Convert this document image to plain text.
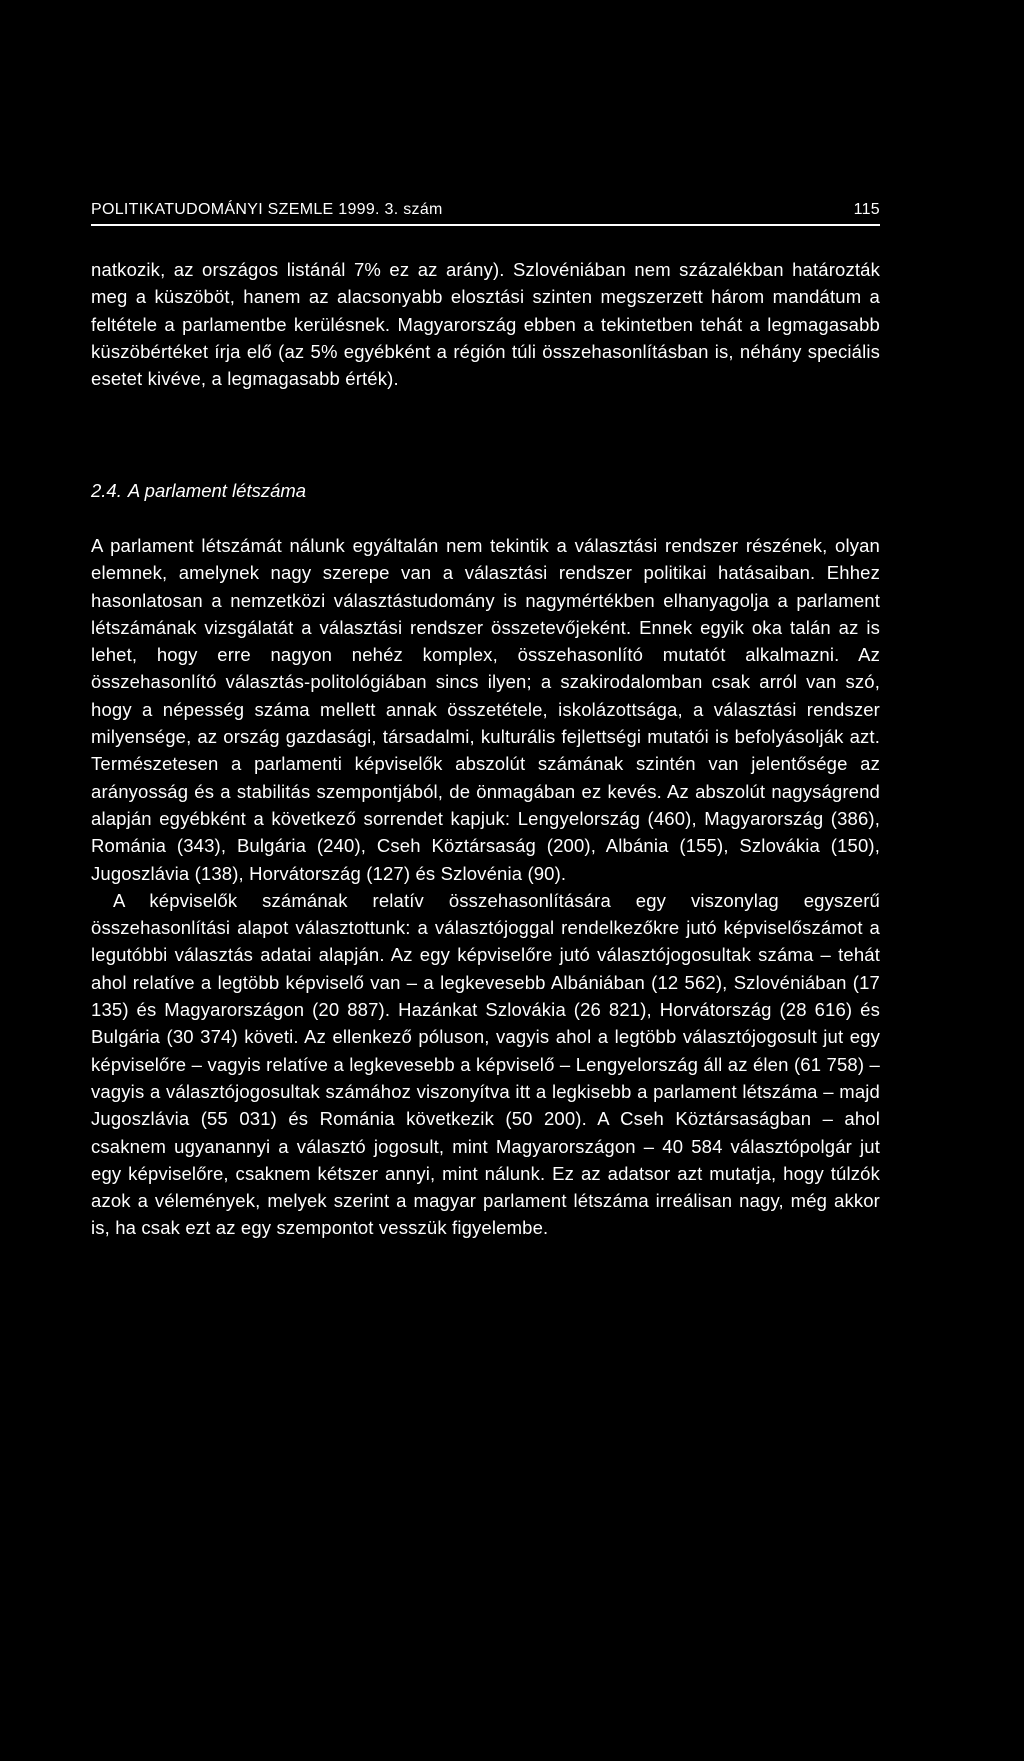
POLITIKATUDOMÁNYI SZEMLE 1999. 3. szám	115

natkozik, az országos listánál 7% ez az arány). Szlovéniában nem százalékban határozták meg a küszöböt, hanem az alacsonyabb elosztási szinten megszerzett három mandátum a feltétele a parlamentbe kerülésnek. Magyarország ebben a tekintetben tehát a legmagasabb küszöbértéket írja elő (az 5% egyébként a régión túli összehasonlításban is, néhány speciális esetet kivéve, a legmagasabb érték).

2.4. A parlament létszáma

A parlament létszámát nálunk egyáltalán nem tekintik a választási rendszer részének, olyan elemnek, amelynek nagy szerepe van a választási rendszer politikai hatásaiban. Ehhez hasonlatosan a nemzetközi választástudomány is nagymértékben elhanyagolja a parlament létszámának vizsgálatát a választási rendszer összetevőjeként. Ennek egyik oka talán az is lehet, hogy erre nagyon nehéz komplex, összehasonlító mutatót alkalmazni. Az összehasonlító választás-politológiában sincs ilyen; a szakirodalomban csak arról van szó, hogy a népesség száma mellett annak összetétele, iskolázottsága, a választási rendszer milyensége, az ország gazdasági, társadalmi, kulturális fejlettségi mutatói is befolyásolják azt. Természetesen a parlamenti képviselők abszolút számának szintén van jelentősége az arányosság és a stabilitás szempontjából, de önmagában ez kevés. Az abszolút nagyságrend alapján egyébként a következő sorrendet kapjuk: Lengyelország (460), Magyarország (386), Románia (343), Bulgária (240), Cseh Köztársaság (200), Albánia (155), Szlovákia (150), Jugoszlávia (138), Horvátország (127) és Szlovénia (90).

A képviselők számának relatív összehasonlítására egy viszonylag egyszerű összehasonlítási alapot választottunk: a választójoggal rendelkezőkre jutó képviselőszámot a legutóbbi választás adatai alapján. Az egy képviselőre jutó választójogosultak száma – tehát ahol relatíve a legtöbb képviselő van – a legkevesebb Albániában (12 562), Szlovéniában (17 135) és Magyarországon (20 887). Hazánkat Szlovákia (26 821), Horvátország (28 616) és Bulgária (30 374) követi. Az ellenkező póluson, vagyis ahol a legtöbb választójogosult jut egy képviselőre – vagyis relatíve a legkevesebb a képviselő – Lengyelország áll az élen (61 758) – vagyis a választójogosultak számához viszonyítva itt a legkisebb a parlament létszáma – majd Jugoszlávia (55 031) és Románia következik (50 200). A Cseh Köztársaságban – ahol csaknem ugyanannyi a választó jogosult, mint Magyarországon – 40 584 választópolgár jut egy képviselőre, csaknem kétszer annyi, mint nálunk. Ez az adatsor azt mutatja, hogy túlzók azok a vélemények, melyek szerint a magyar parlament létszáma irreálisan nagy, még akkor is, ha csak ezt az egy szempontot vesszük figyelembe.
